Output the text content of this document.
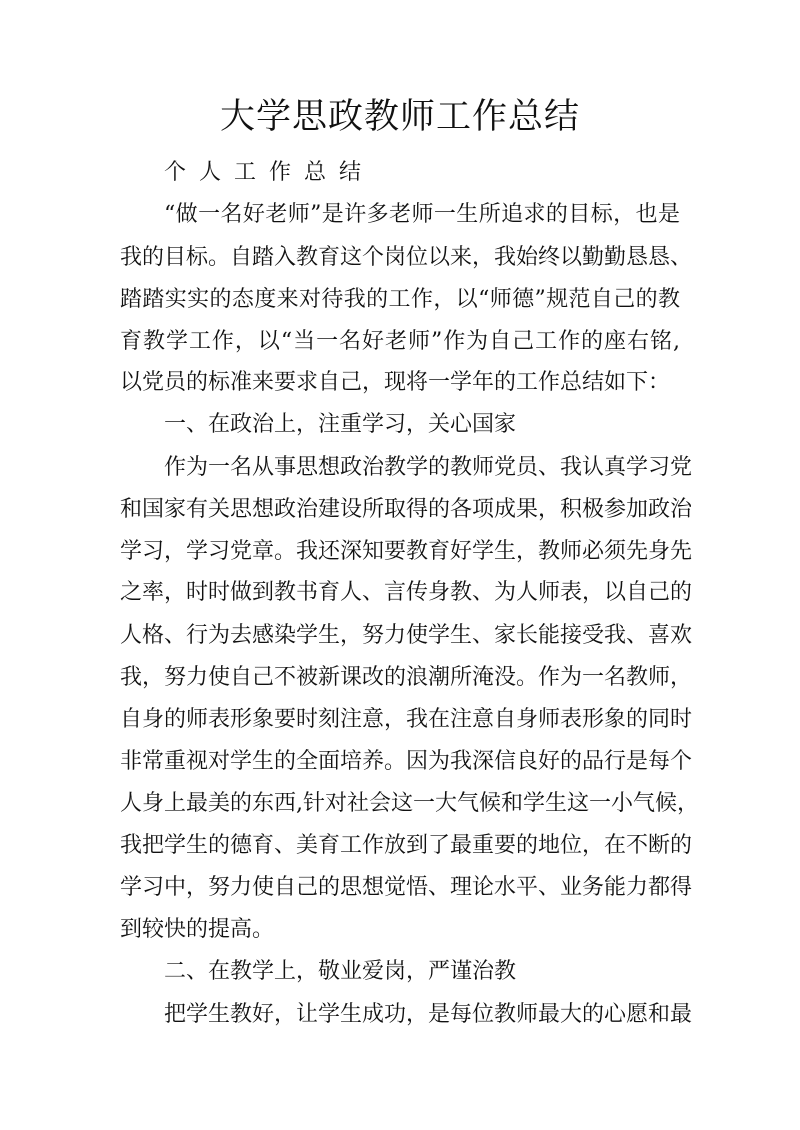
大学思政教师工作总结

个人工作总结

“做一名好老师”是许多老师一生所追求的目标，也是

我的目标。自踏入教育这个岗位以来，我始终以勤勤恳恳、

踏踏实实的态度来对待我的工作，以“师德”规范自己的教

育教学工作，以“当一名好老师”作为自己工作的座右铭,

以党员的标准来要求自己，现将一学年的工作总结如下：

一、在政治上，注重学习，关心国家

作为一名从事思想政治教学的教师党员、我认真学习党

和国家有关思想政治建设所取得的各项成果，积极参加政治

学习，学习党章。我还深知要教育好学生，教师必须先身先

之率，时时做到教书育人、言传身教、为人师表，以自己的

人格、行为去感染学生，努力使学生、家长能接受我、喜欢

我，努力使自己不被新课改的浪潮所淹没。作为一名教师，

自身的师表形象要时刻注意，我在注意自身师表形象的同时

非常重视对学生的全面培养。因为我深信良好的品行是每个

人身上最美的东西,针对社会这一大气候和学生这一小气候，

我把学生的德育、美育工作放到了最重要的地位，在不断的

学习中，努力使自己的思想觉悟、理论水平、业务能力都得

到较快的提高。

二、在教学上，敬业爱岗，严谨治教

把学生教好，让学生成功，是每位教师最大的心愿和最
